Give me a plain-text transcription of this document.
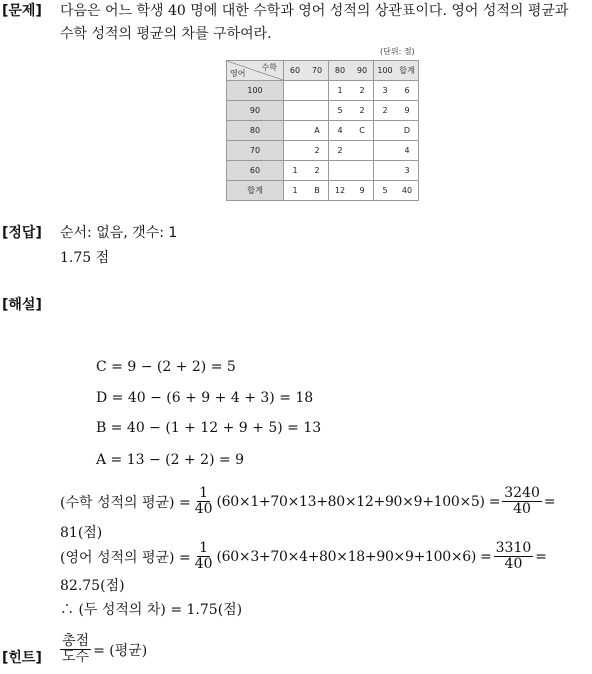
[문제] 다음은 어느 학생 40 명에 대한 수학과 영어 성적의 상관표이다. 영어 성적의 평균과
수학 성적의 평균의 차를 구하여라.
(단위: 점)
수학
영어	60	70	80	90	100	합계
100			1	2	3	6
90			5	2	2	9
80		A	4	C		D
70		2	2			4
60	1	2				3
합계	1	B	12	9	5	40
[정답] 순서: 없음, 갯수: 1
1.75 점
[해설]
C = 9 − (2 + 2) = 5
D = 40 − (6 + 9 + 4 + 3) = 18
B = 40 − (1 + 12 + 9 + 5) = 13
A = 13 − (2 + 2) = 9
(수학 성적의 평균) = $\frac{1}{40} (60\times 1+70\times 13+80\times 12+90\times 9+100\times 5) = \frac{3240}{40}$ =
81(점)
(영어 성적의 평균) = $\frac{1}{40} (60\times 3+70\times 4+80\times 18+90\times 9+100\times 6) = \frac{3310}{40}$ =
82.75(점)
∴ (두 성적의 차) = 1.75(점)
[힌트] $\frac{\text{총점}}{\text{도수}}$ = (평균)
